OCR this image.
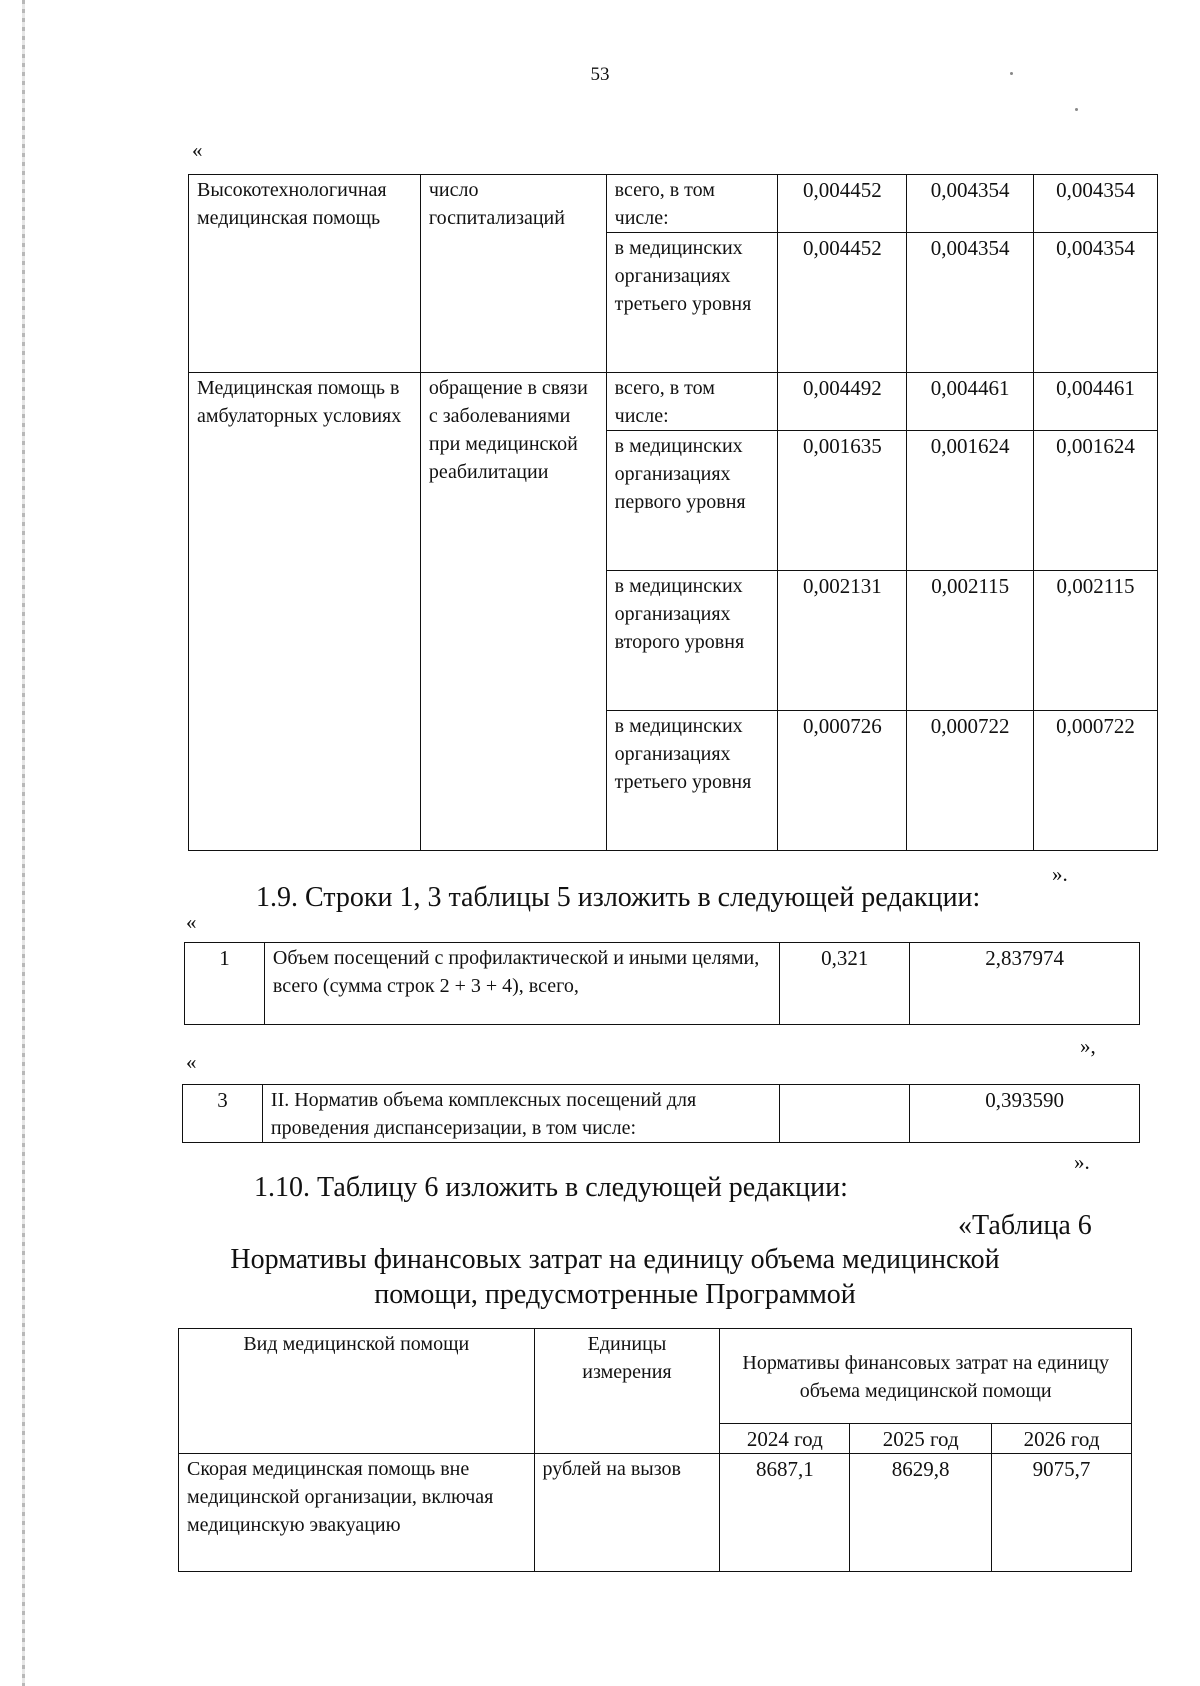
53
«
Высокотехнологичная медицинская помощь	число госпитализаций	всего, в том числе:	0,004452	0,004354	0,004354
		в медицинских организациях третьего уровня	0,004452	0,004354	0,004354
Медицинская помощь в амбулаторных условиях	обращение в связи с заболеваниями при медицинской реабилитации	всего, в том числе:	0,004492	0,004461	0,004461
		в медицинских организациях первого уровня	0,001635	0,001624	0,001624
		в медицинских организациях второго уровня	0,002131	0,002115	0,002115
		в медицинских организациях третьего уровня	0,000726	0,000722	0,000722
».
1.9. Строки 1, 3 таблицы 5 изложить в следующей редакции:
«
1	Объем посещений с профилактической и иными целями, всего (сумма строк 2 + 3 + 4), всего,	0,321	2,837974
»,
«
3	II. Норматив объема комплексных посещений для проведения диспансеризации, в том числе:		0,393590
».
1.10. Таблицу 6 изложить в следующей редакции:
«Таблица 6
Нормативы финансовых затрат на единицу объема медицинской
помощи, предусмотренные Программой
Вид медицинской помощи	Единицы измерения	Нормативы финансовых затрат на единицу объема медицинской помощи		
		2024 год	2025 год	2026 год
Скорая медицинская помощь вне медицинской организации, включая медицинскую эвакуацию	рублей на вызов	8687,1	8629,8	9075,7
